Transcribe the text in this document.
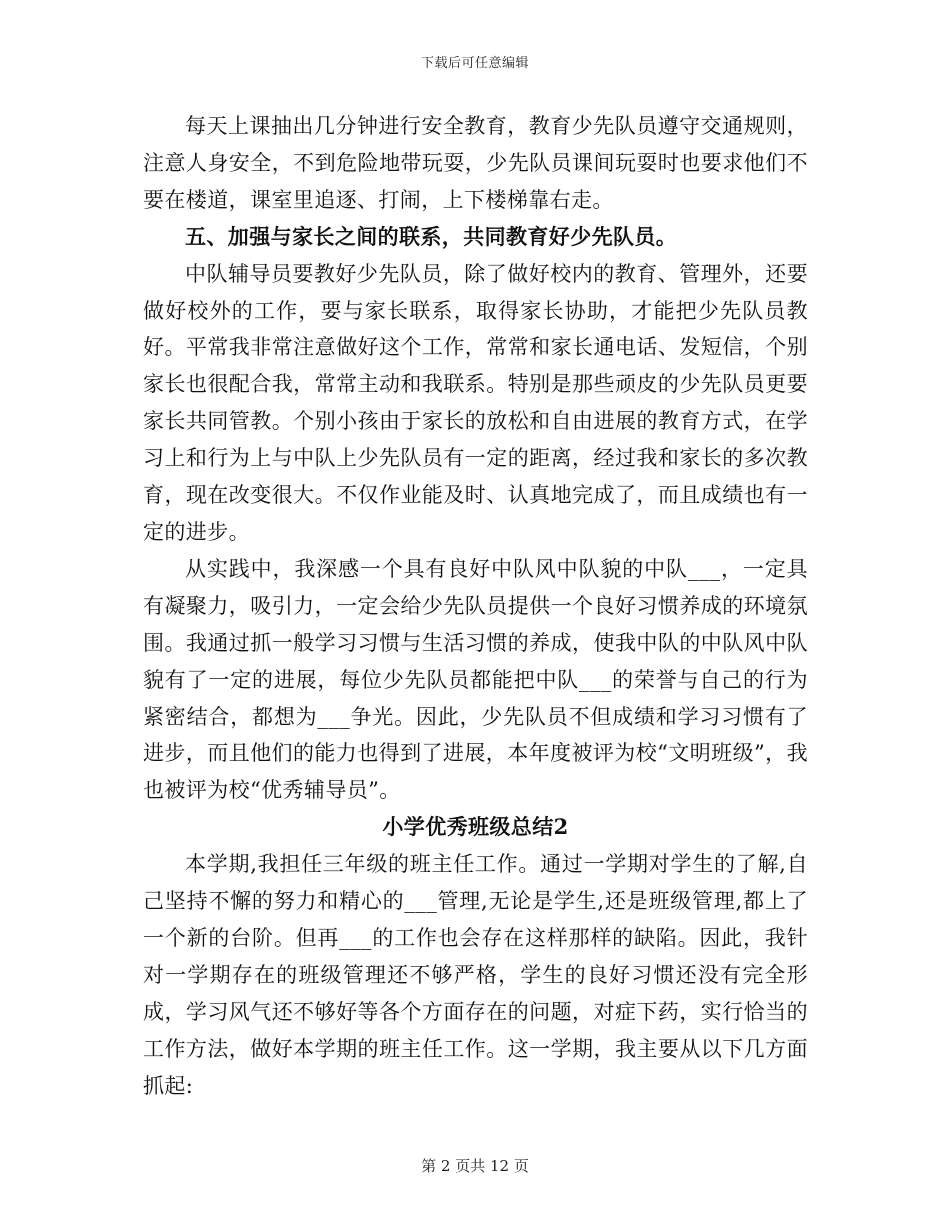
下载后可任意编辑

每天上课抽出几分钟进行安全教育，教育少先队员遵守交通规则，注意人身安全，不到危险地带玩耍，少先队员课间玩耍时也要求他们不要在楼道，课室里追逐、打闹，上下楼梯靠右走。

五、加强与家长之间的联系，共同教育好少先队员。

中队辅导员要教好少先队员，除了做好校内的教育、管理外，还要做好校外的工作，要与家长联系，取得家长协助，才能把少先队员教好。平常我非常注意做好这个工作，常常和家长通电话、发短信，个别家长也很配合我，常常主动和我联系。特别是那些顽皮的少先队员更要家长共同管教。个别小孩由于家长的放松和自由进展的教育方式，在学习上和行为上与中队上少先队员有一定的距离，经过我和家长的多次教育，现在改变很大。不仅作业能及时、认真地完成了，而且成绩也有一定的进步。

从实践中，我深感一个具有良好中队风中队貌的中队___，一定具有凝聚力，吸引力，一定会给少先队员提供一个良好习惯养成的环境氛围。我通过抓一般学习习惯与生活习惯的养成，使我中队的中队风中队貌有了一定的进展，每位少先队员都能把中队___的荣誉与自己的行为紧密结合，都想为___争光。因此，少先队员不但成绩和学习习惯有了进步，而且他们的能力也得到了进展，本年度被评为校“文明班级”，我也被评为校“优秀辅导员”。

小学优秀班级总结2

本学期,我担任三年级的班主任工作。通过一学期对学生的了解,自己坚持不懈的努力和精心的___管理,无论是学生,还是班级管理,都上了一个新的台阶。但再___的工作也会存在这样那样的缺陷。因此，我针对一学期存在的班级管理还不够严格，学生的良好习惯还没有完全形成，学习风气还不够好等各个方面存在的问题，对症下药，实行恰当的工作方法，做好本学期的班主任工作。这一学期，我主要从以下几方面抓起:

第 2 页共 12 页
